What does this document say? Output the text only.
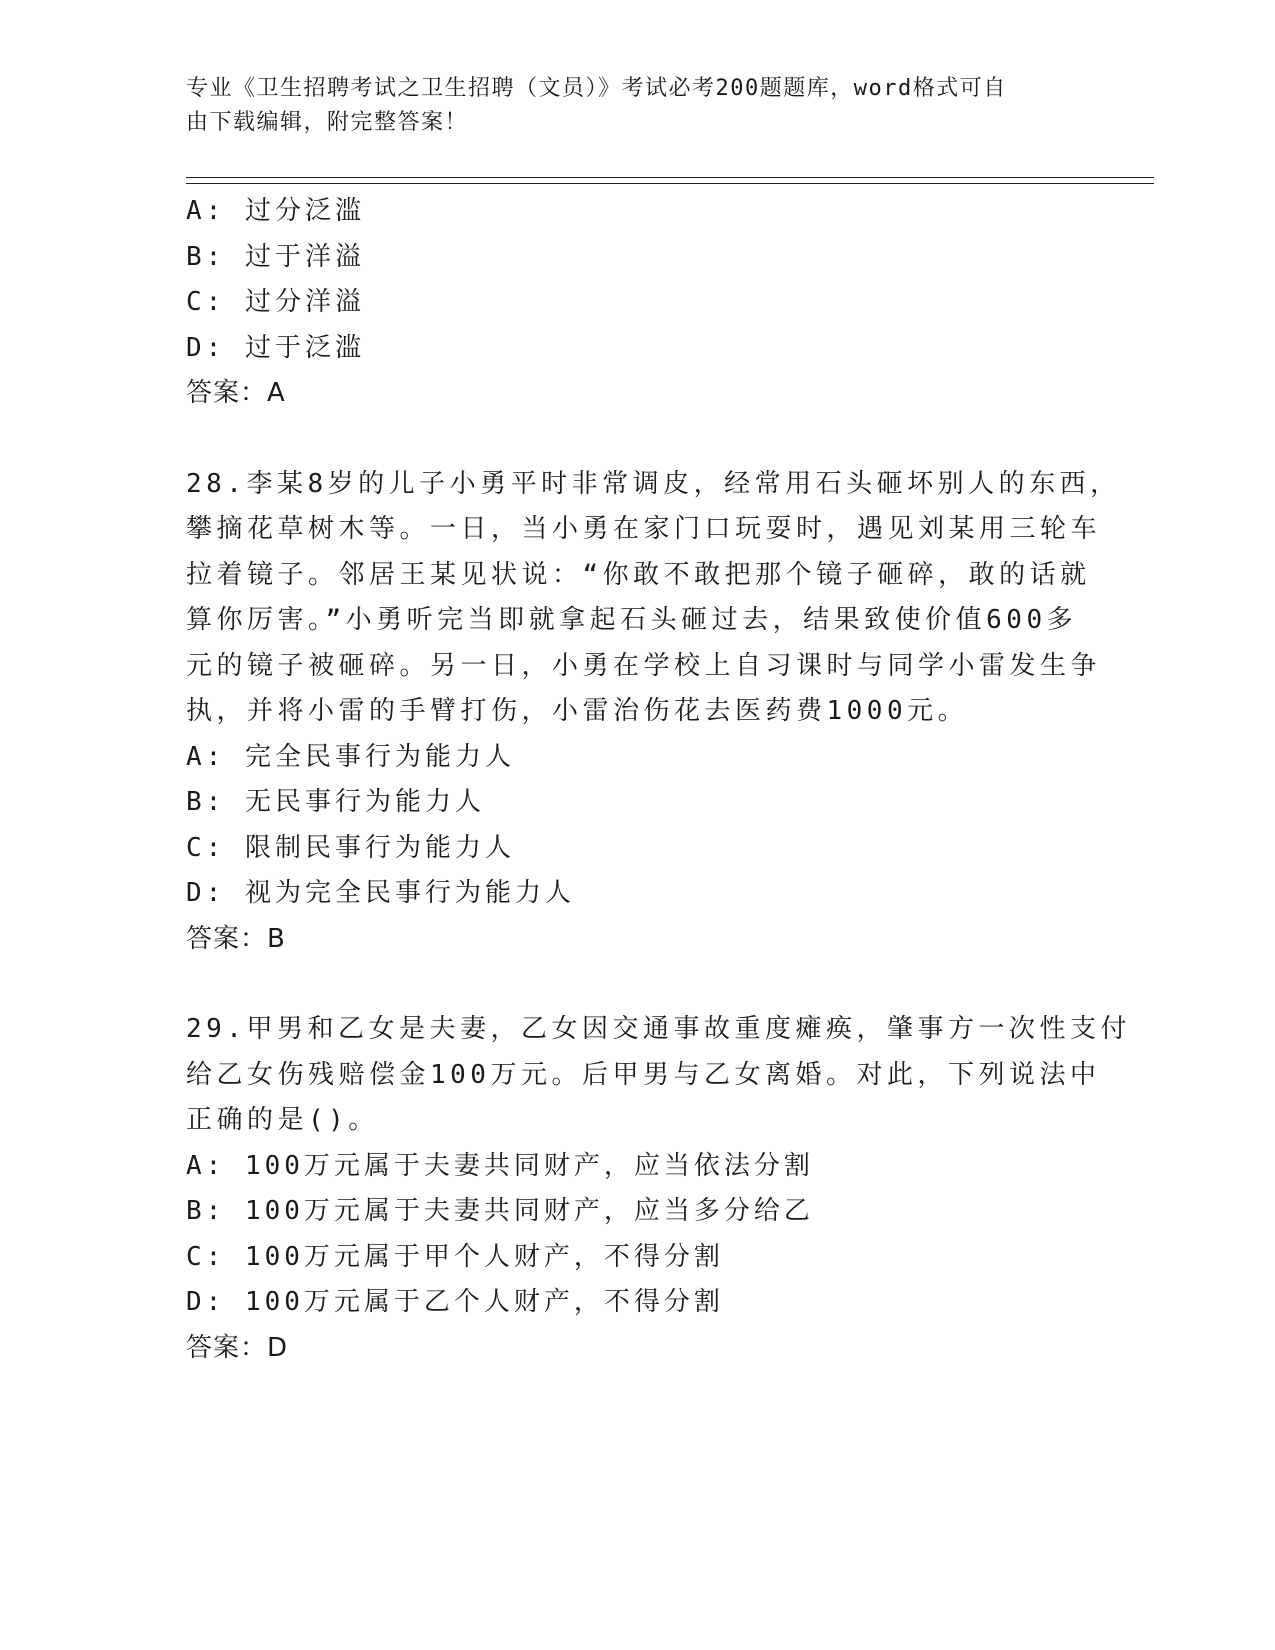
专业《卫生招聘考试之卫生招聘（文员）》考试必考200题题库，word格式可自
由下载编辑，附完整答案！
A: 过分泛滥
B: 过于洋溢
C: 过分洋溢
D: 过于泛滥
答案：A
28.李某8岁的儿子小勇平时非常调皮，经常用石头砸坏别人的东西，
攀摘花草树木等。一日，当小勇在家门口玩耍时，遇见刘某用三轮车
拉着镜子。邻居王某见状说：“你敢不敢把那个镜子砸碎，敢的话就
算你厉害。”小勇听完当即就拿起石头砸过去，结果致使价值600多
元的镜子被砸碎。另一日，小勇在学校上自习课时与同学小雷发生争
执，并将小雷的手臂打伤，小雷治伤花去医药费1000元。
A: 完全民事行为能力人
B: 无民事行为能力人
C: 限制民事行为能力人
D: 视为完全民事行为能力人
答案：B
29.甲男和乙女是夫妻，乙女因交通事故重度瘫痪，肇事方一次性支付
给乙女伤残赔偿金100万元。后甲男与乙女离婚。对此，下列说法中
正确的是()。
A: 100万元属于夫妻共同财产，应当依法分割
B: 100万元属于夫妻共同财产，应当多分给乙
C: 100万元属于甲个人财产，不得分割
D: 100万元属于乙个人财产，不得分割
答案：D
